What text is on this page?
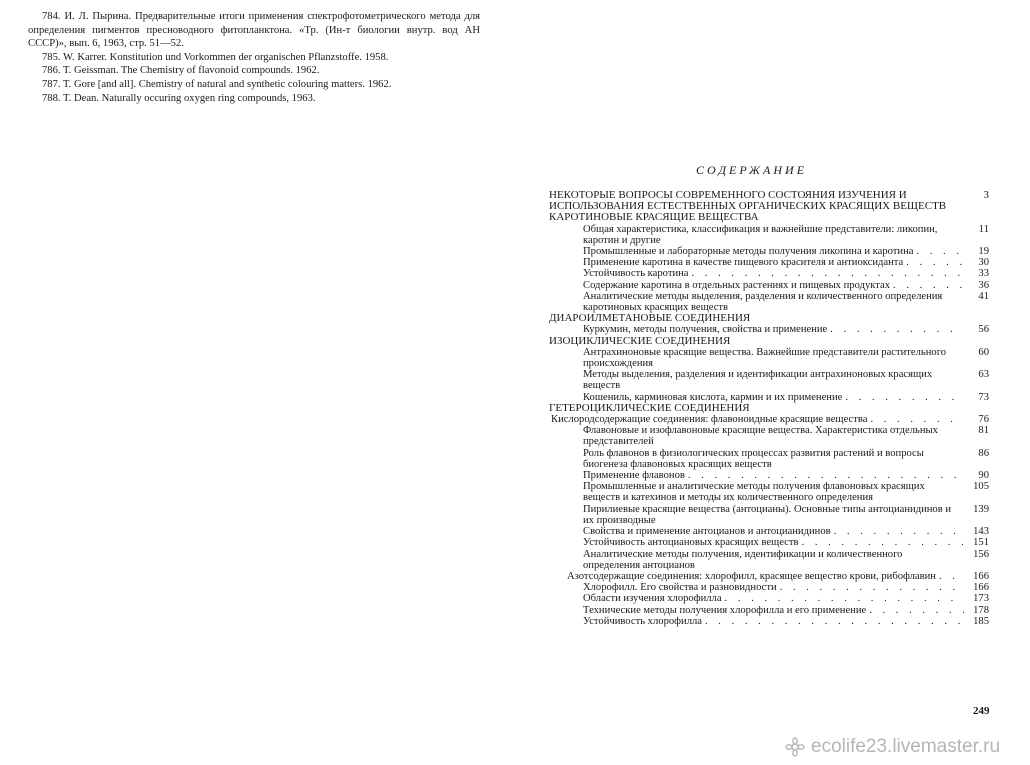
784. И. Л. Пырина. Предварительные итоги применения спектрофотометрического метода для определения пигментов пресноводного фитопланктона. «Тр. (Ин-т биологии внутр. вод АН СССР)», вып. 6, 1963, стр. 51—52.

785. W. Karrer. Konstitution und Vorkommen der organischen Pflanzstoffe. 1958.

786. T. Geissman. The Chemistry of flavonoid compounds. 1962.

787. T. Gore [and all]. Chemistry of natural and synthetic colouring matters. 1962.

788. T. Dean. Naturally occuring oxygen ring compounds, 1963.

СОДЕРЖАНИЕ
НЕКОТОРЫЕ ВОПРОСЫ СОВРЕМЕННОГО СОСТОЯНИЯ ИЗУЧЕНИЯ И ИСПОЛЬЗОВАНИЯ ЕСТЕСТВЕННЫХ ОРГАНИЧЕСКИХ КРАСЯЩИХ ВЕЩЕСТВ
3
КАРОТИНОВЫЕ КРАСЯЩИЕ ВЕЩЕСТВА
Общая характеристика, классификация и важнейшие представители: ликопин, каротин и другие
11
Промышленные и лабораторные методы получения ликопина и каротина . . .	19
Применение каротина в качестве пищевого красителя и антиоксиданта . . .	30
Устойчивость каротина . . .	33
Содержание каротина в отдельных растениях и пищевых продуктах . . .	36
Аналитические методы выделения, разделения и количественного определения каротиновых красящих веществ
41
ДИАРОИЛМЕТАНОВЫЕ СОЕДИНЕНИЯ
Куркумин, методы получения, свойства и применение . . .	56
ИЗОЦИКЛИЧЕСКИЕ СОЕДИНЕНИЯ
Антрахиноновые красящие вещества. Важнейшие представители растительного происхождения
60
Методы выделения, разделения и идентификации антрахиноновых красящих веществ
63
Кошениль, карминовая кислота, кармин и их применение . . .	73
ГЕТЕРОЦИКЛИЧЕСКИЕ СОЕДИНЕНИЯ
Кислородсодержащие соединения: флавоноидные красящие вещества . . .	76
Флавоновые и изофлавоновые красящие вещества. Характеристика отдельных представителей
81
Роль флавонов в физиологических процессах развития растений и вопросы биогенеза флавоновых красящих веществ
86
Применение флавонов . . .	90
Промышленные и аналитические методы получения флавоновых красящих веществ и катехинов и методы их количественного определения
105
Пирилиевые красящие вещества (антоцианы). Основные типы антоцианидинов и их производные
139
Свойства и применение антоцианов и антоцианидинов . . .	143
Устойчивость антоциановых красящих веществ . . .	151
Аналитические методы получения, идентификации и количественного определения антоцианов
156
Азотсодержащие соединения: хлорофилл, красящее вещество крови, рибофлавин . . .	166
Хлорофилл. Его свойства и разновидности . . .	166
Области изучения хлорофилла . . .	173
Технические методы получения хлорофилла и его применение . . .	178
Устойчивость хлорофилла . . .	185
249
ecolife23.livemaster.ru
